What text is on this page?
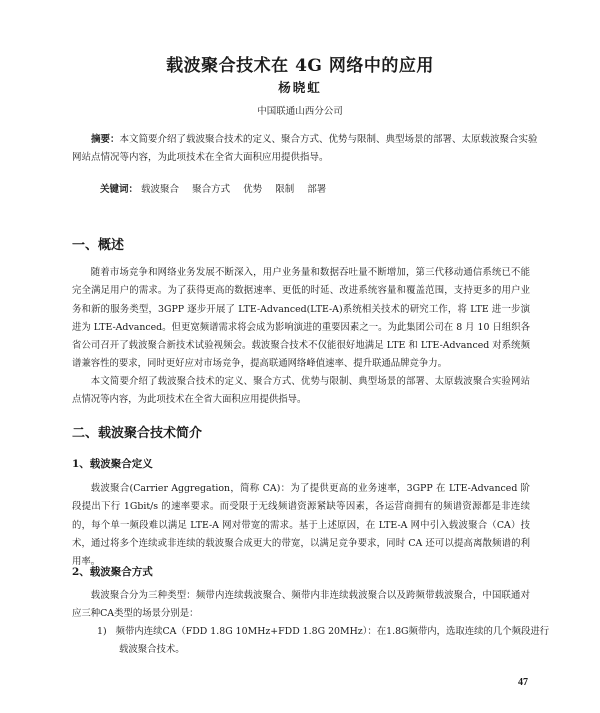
载波聚合技术在 4G 网络中的应用
杨晓虹
中国联通山西分公司

摘要：本文简要介绍了载波聚合技术的定义、聚合方式、优势与限制、典型场景的部署、太原载波聚合实验网站点情况等内容，为此项技术在全省大面积应用提供指导。

关键词： 载波聚合 聚合方式 优势 限制 部署
一、概述

随着市场竞争和网络业务发展不断深入，用户业务量和数据吞吐量不断增加，第三代移动通信系统已不能完全满足用户的需求。为了获得更高的数据速率、更低的时延、改进系统容量和覆盖范围，支持更多的用户业务和新的服务类型，3GPP 逐步开展了 LTE-Advanced(LTE-A)系统相关技术的研究工作，将 LTE 进一步演进为 LTE-Advanced。但更宽频谱需求将会成为影响演进的重要因素之一。为此集团公司在 8 月 10 日组织各省公司召开了载波聚合新技术试验视频会。载波聚合技术不仅能很好地满足 LTE 和 LTE-Advanced 对系统频谱兼容性的要求，同时更好应对市场竞争，提高联通网络峰值速率、提升联通品牌竞争力。

本文简要介绍了载波聚合技术的定义、聚合方式、优势与限制、典型场景的部署、太原载波聚合实验网站点情况等内容，为此项技术在全省大面积应用提供指导。

二、载波聚合技术简介
1、载波聚合定义

载波聚合(Carrier Aggregation，简称 CA)：为了提供更高的业务速率，3GPP 在 LTE-Advanced 阶段提出下行 1Gbit/s 的速率要求。而受限于无线频谱资源紧缺等因素，各运营商拥有的频谱资源都是非连续的，每个单一频段难以满足 LTE-A 网对带宽的需求。基于上述原因，在 LTE-A 网中引入载波聚合（CA）技术，通过将多个连续或非连续的载波聚合成更大的带宽，以满足竞争要求，同时 CA 还可以提高离散频谱的利用率。

2、载波聚合方式

载波聚合分为三种类型：频带内连续载波聚合、频带内非连续载波聚合以及跨频带载波聚合，中国联通对应三种CA类型的场景分别是：

1) 频带内连续CA（FDD 1.8G 10MHz+FDD 1.8G 20MHz）：在1.8G频带内，选取连续的几个频段进行载波聚合技术。

47
